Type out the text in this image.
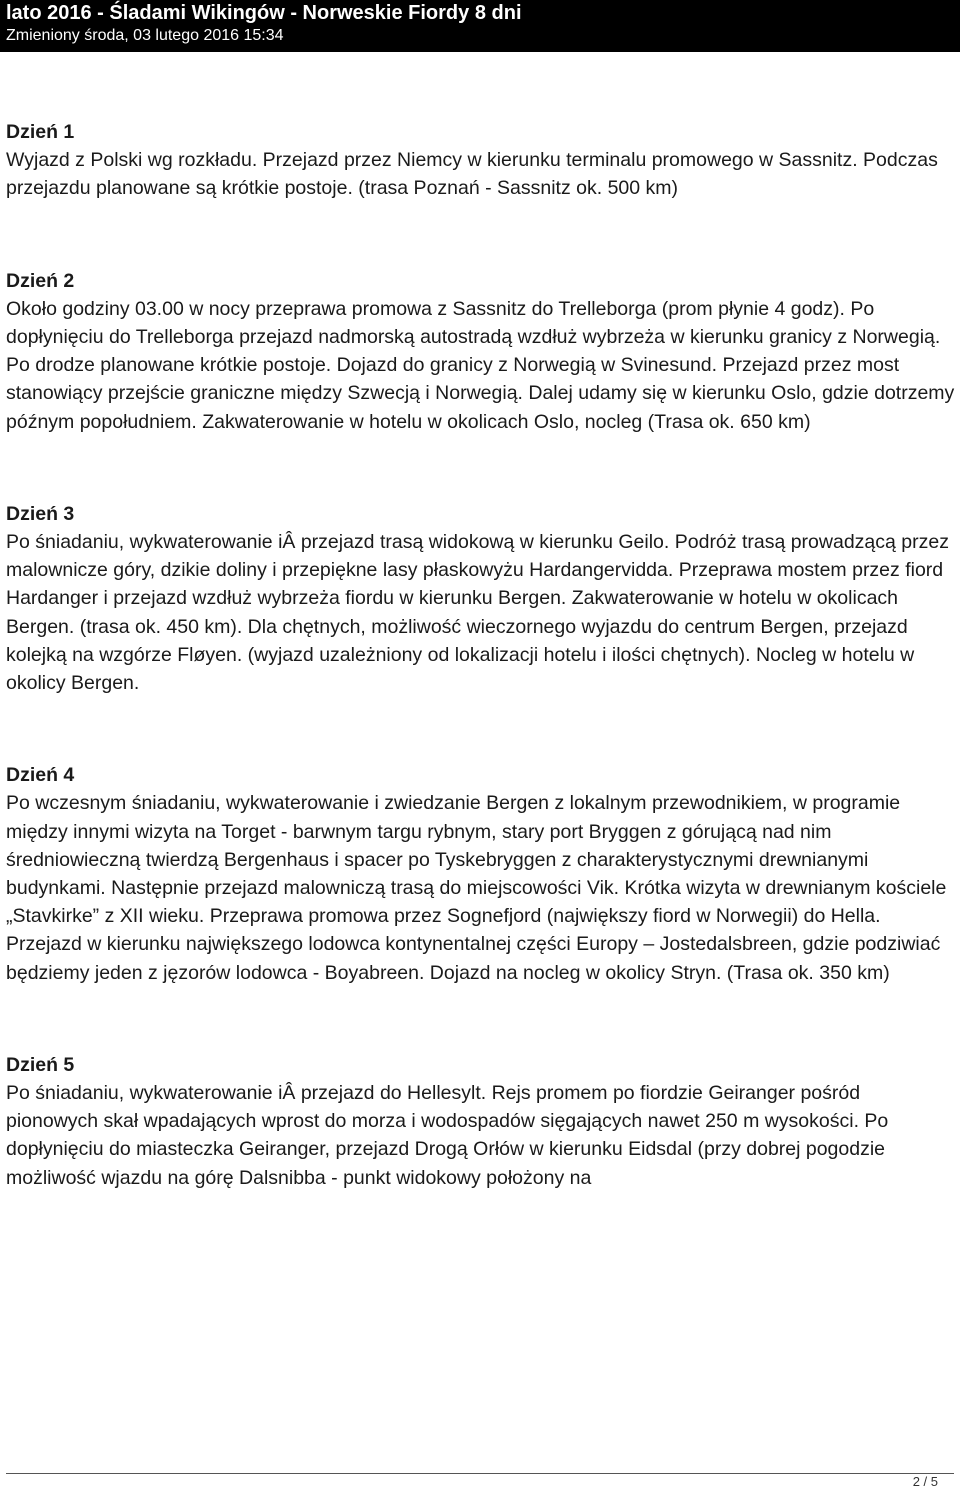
lato 2016 - Śladami Wikingów - Norweskie Fiordy 8 dni
Zmieniony środa, 03 lutego 2016 15:34

Dzień 1

Wyjazd z Polski wg rozkładu. Przejazd przez Niemcy w kierunku terminalu promowego w Sassnitz. Podczas przejazdu planowane są krótkie postoje. (trasa Poznań - Sassnitz ok. 500 km)

Dzień 2

Około godziny 03.00 w nocy przeprawa promowa z Sassnitz do Trelleborga (prom płynie 4 godz). Po dopłynięciu do Trelleborga przejazd nadmorską autostradą wzdłuż wybrzeża w kierunku granicy z Norwegią. Po drodze planowane krótkie postoje. Dojazd do granicy z Norwegią w Svinesund. Przejazd przez most stanowiący przejście graniczne między Szwecją i Norwegią. Dalej udamy się w kierunku Oslo, gdzie dotrzemy późnym popołudniem. Zakwaterowanie w hotelu w okolicach Oslo, nocleg (Trasa ok. 650 km)

Dzień 3

Po śniadaniu, wykwaterowanie iÂ przejazd trasą widokową w kierunku Geilo. Podróż trasą prowadzącą przez malownicze góry, dzikie doliny i przepiękne lasy płaskowyżu Hardangervidda. Przeprawa mostem przez fiord Hardanger i przejazd wzdłuż wybrzeża fiordu w kierunku Bergen. Zakwaterowanie w hotelu w okolicach Bergen. (trasa ok. 450 km). Dla chętnych, możliwość wieczornego wyjazdu do centrum Bergen, przejazd kolejką na wzgórze Fløyen. (wyjazd uzależniony od lokalizacji hotelu i ilości chętnych). Nocleg w hotelu w okolicy Bergen.

Dzień 4

Po wczesnym śniadaniu, wykwaterowanie i zwiedzanie Bergen z lokalnym przewodnikiem, w programie między innymi wizyta na Torget - barwnym targu rybnym, stary port Bryggen z górującą nad nim średniowieczną twierdzą Bergenhaus i spacer po Tyskebryggen z charakterystycznymi drewnianymi budynkami. Następnie przejazd malowniczą trasą do miejscowości Vik. Krótka wizyta w drewnianym kościele „Stavkirke” z XII wieku. Przeprawa promowa przez Sognefjord (największy fiord w Norwegii) do Hella. Przejazd w kierunku największego lodowca kontynentalnej części Europy – Jostedalsbreen, gdzie podziwiać będziemy jeden z jęzorów lodowca - Boyabreen. Dojazd na nocleg w okolicy Stryn. (Trasa ok. 350 km)

Dzień 5

Po śniadaniu, wykwaterowanie iÂ przejazd do Hellesylt. Rejs promem po fiordzie Geiranger pośród pionowych skał wpadających wprost do morza i wodospadów sięgających nawet 250 m wysokości. Po dopłynięciu do miasteczka Geiranger, przejazd Drogą Orłów w kierunku Eidsdal (przy dobrej pogodzie możliwość wjazdu na górę Dalsnibba - punkt widokowy położony na

2 / 5
